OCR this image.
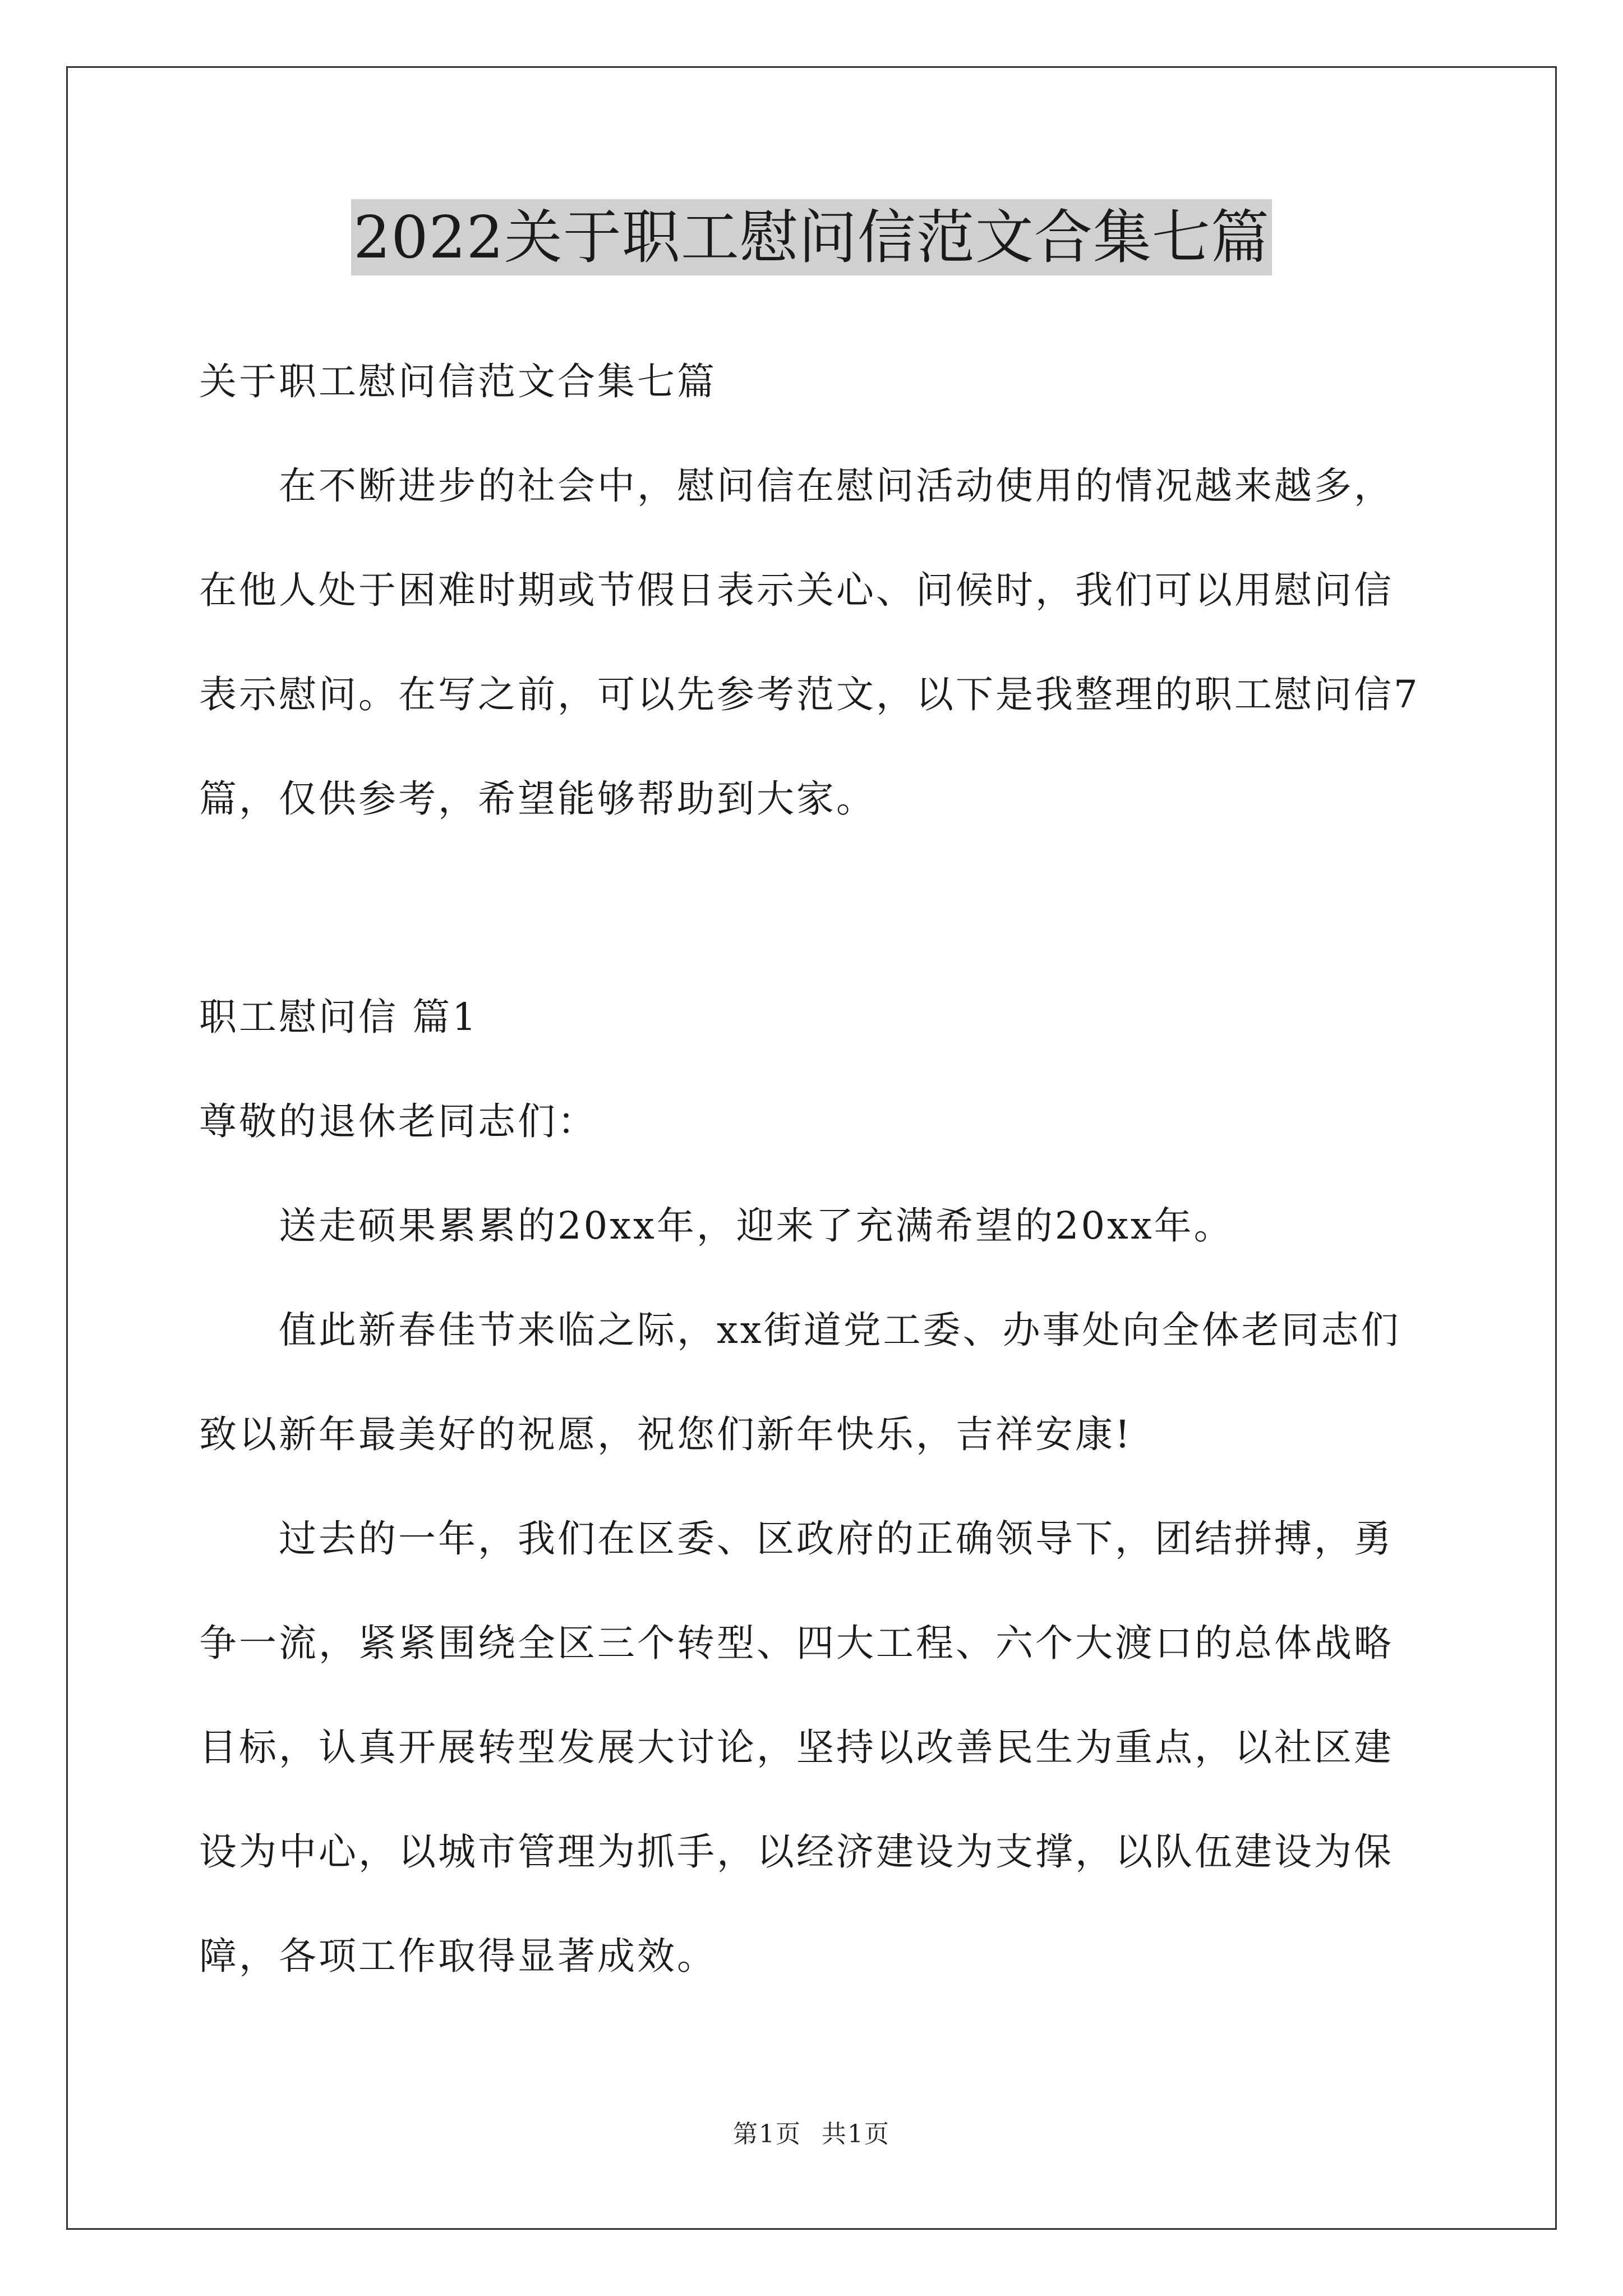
2022关于职工慰问信范文合集七篇

关于职工慰问信范文合集七篇

　　在不断进步的社会中，慰问信在慰问活动使用的情况越来越多，

在他人处于困难时期或节假日表示关心、问候时，我们可以用慰问信

表示慰问。在写之前，可以先参考范文，以下是我整理的职工慰问信7

篇，仅供参考，希望能够帮助到大家。

职工慰问信 篇1

尊敬的退休老同志们：

　　送走硕果累累的20xx年，迎来了充满希望的20xx年。

　　值此新春佳节来临之际，xx街道党工委、办事处向全体老同志们

致以新年最美好的祝愿，祝您们新年快乐，吉祥安康!

　　过去的一年，我们在区委、区政府的正确领导下，团结拼搏，勇

争一流，紧紧围绕全区三个转型、四大工程、六个大渡口的总体战略

目标，认真开展转型发展大讨论，坚持以改善民生为重点，以社区建

设为中心，以城市管理为抓手，以经济建设为支撑，以队伍建设为保

障，各项工作取得显著成效。

第1页 共1页
